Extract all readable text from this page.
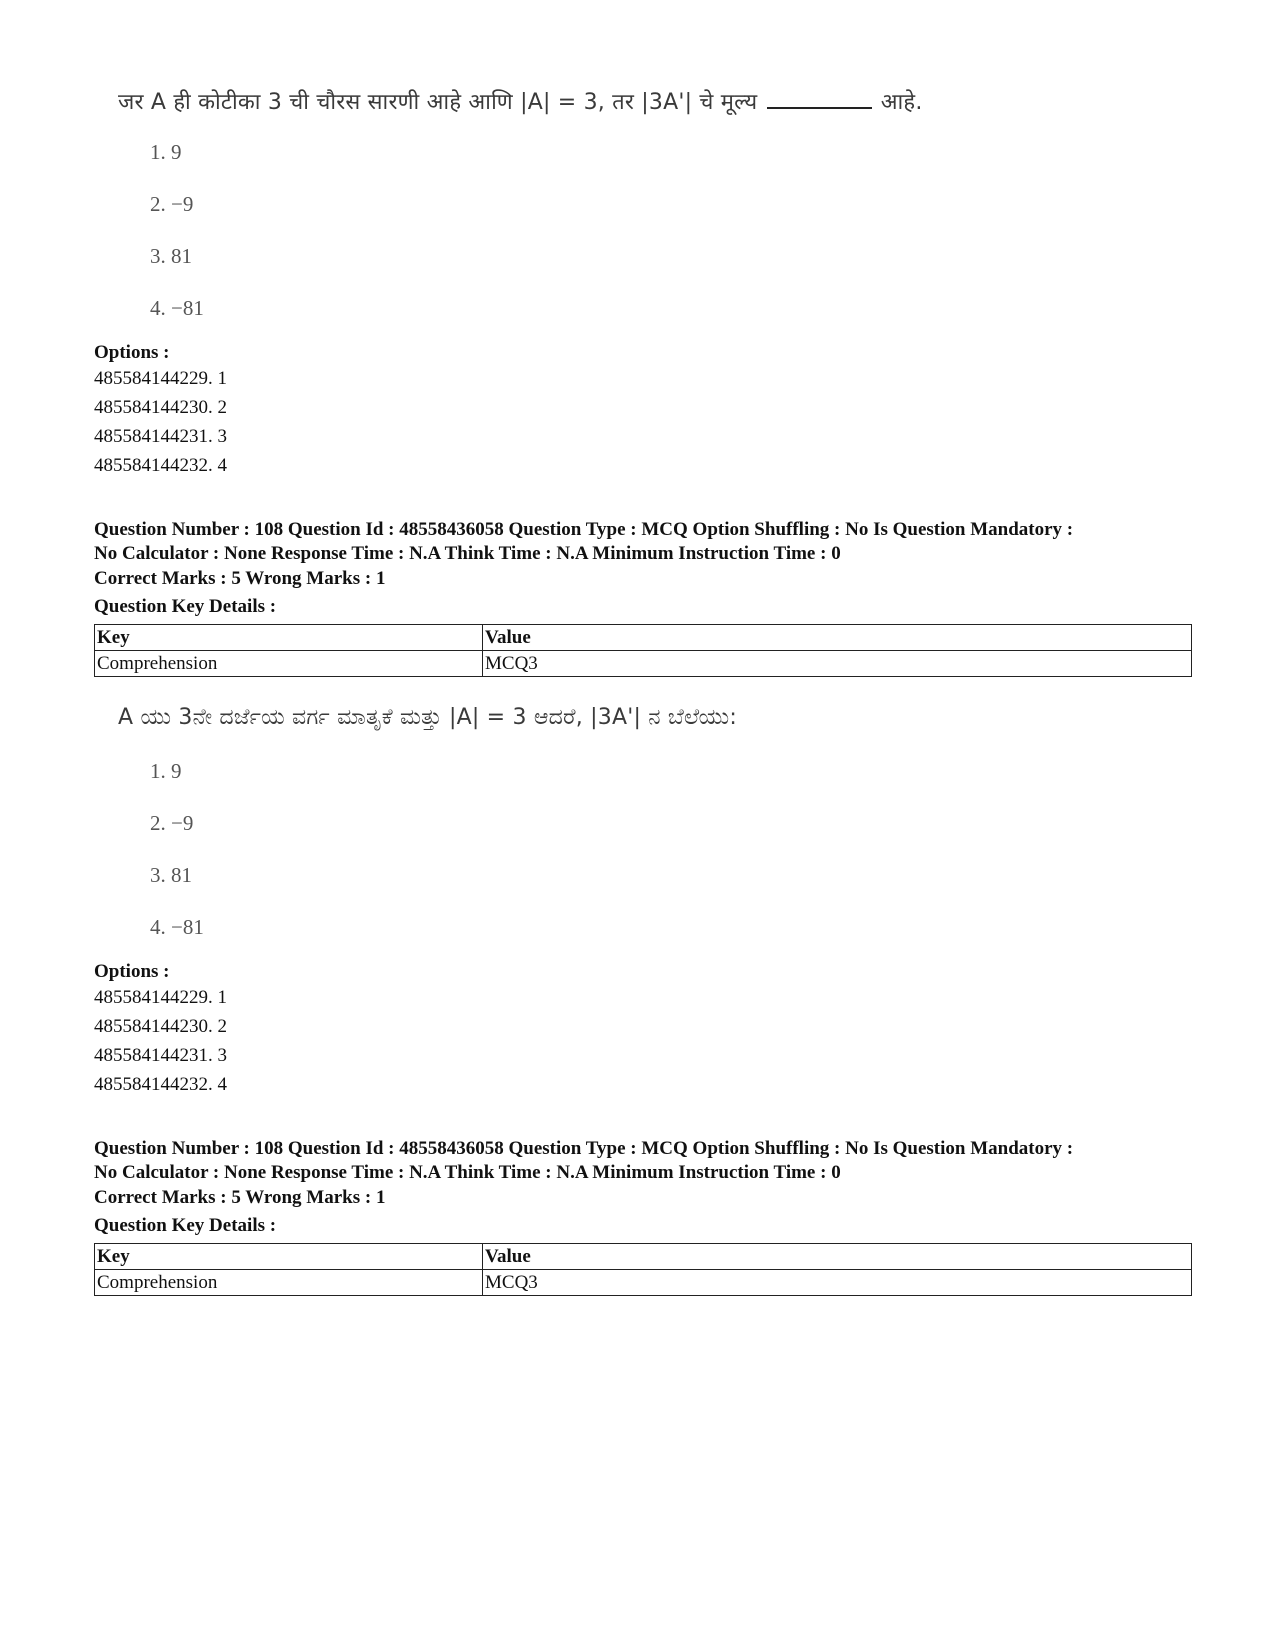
जर A ही कोटीका 3 ची चौरस सारणी आहे आणि |A| = 3, तर |3A'| चे मूल्य	आहे.
1. 9
2. −9
3. 81
4. −81
Options :
485584144229. 1
485584144230. 2
485584144231. 3
485584144232. 4
Question Number : 108 Question Id : 48558436058 Question Type : MCQ Option Shuffling : No Is Question Mandatory :
No Calculator : None Response Time : N.A Think Time : N.A Minimum Instruction Time : 0
Correct Marks : 5 Wrong Marks : 1
Question Key Details :
Key	Value
Comprehension	MCQ3
A ಯು 3ನೇ ದರ್ಜೆಯ ವರ್ಗ ಮಾತೃಕೆ ಮತ್ತು |A| = 3 ಆದರೆ, |3A'| ನ ಬೆಲೆಯು:
1. 9
2. −9
3. 81
4. −81
Options :
485584144229. 1
485584144230. 2
485584144231. 3
485584144232. 4
Question Number : 108 Question Id : 48558436058 Question Type : MCQ Option Shuffling : No Is Question Mandatory :
No Calculator : None Response Time : N.A Think Time : N.A Minimum Instruction Time : 0
Correct Marks : 5 Wrong Marks : 1
Question Key Details :
Key	Value
Comprehension	MCQ3
